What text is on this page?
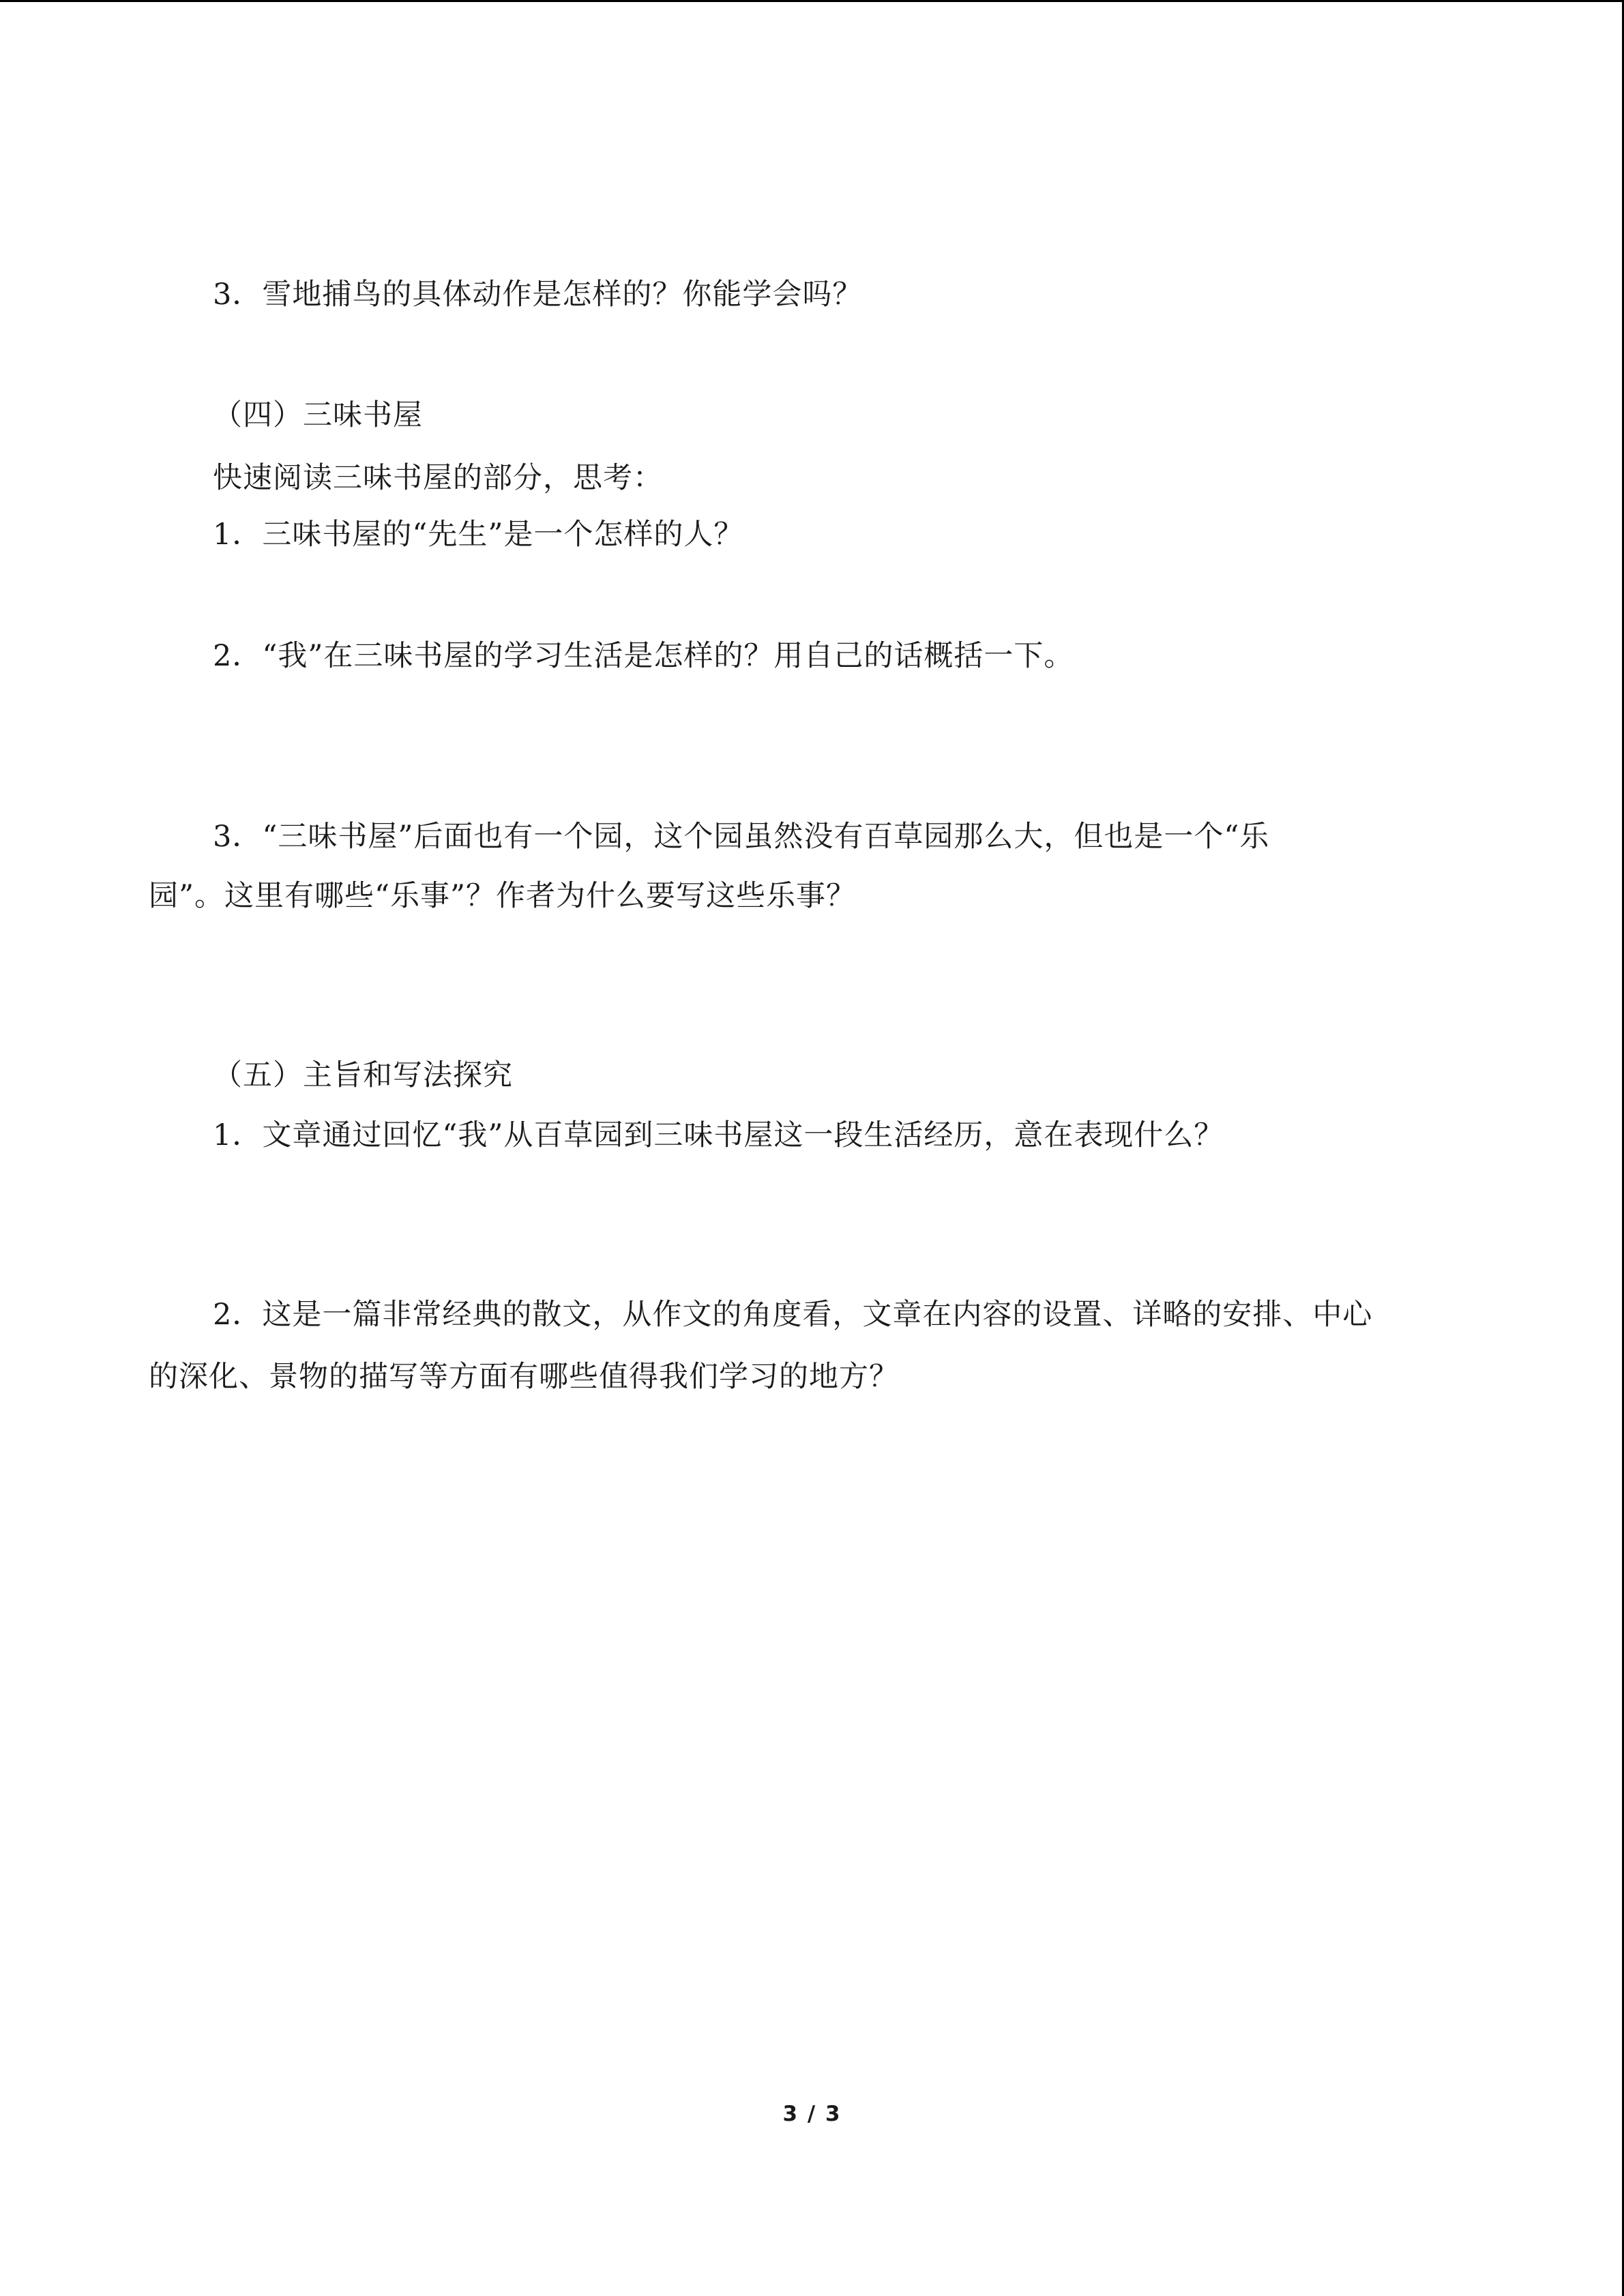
3．雪地捕鸟的具体动作是怎样的？你能学会吗？
（四）三味书屋
快速阅读三味书屋的部分，思考：
1．三味书屋的“先生”是一个怎样的人？
2．“我”在三味书屋的学习生活是怎样的？用自己的话概括一下。
3．“三味书屋”后面也有一个园，这个园虽然没有百草园那么大，但也是一个“乐
园”。这里有哪些“乐事”？作者为什么要写这些乐事？
（五）主旨和写法探究
1．文章通过回忆“我”从百草园到三味书屋这一段生活经历，意在表现什么？
2．这是一篇非常经典的散文，从作文的角度看，文章在内容的设置、详略的安排、中心
的深化、景物的描写等方面有哪些值得我们学习的地方？
3 / 3
